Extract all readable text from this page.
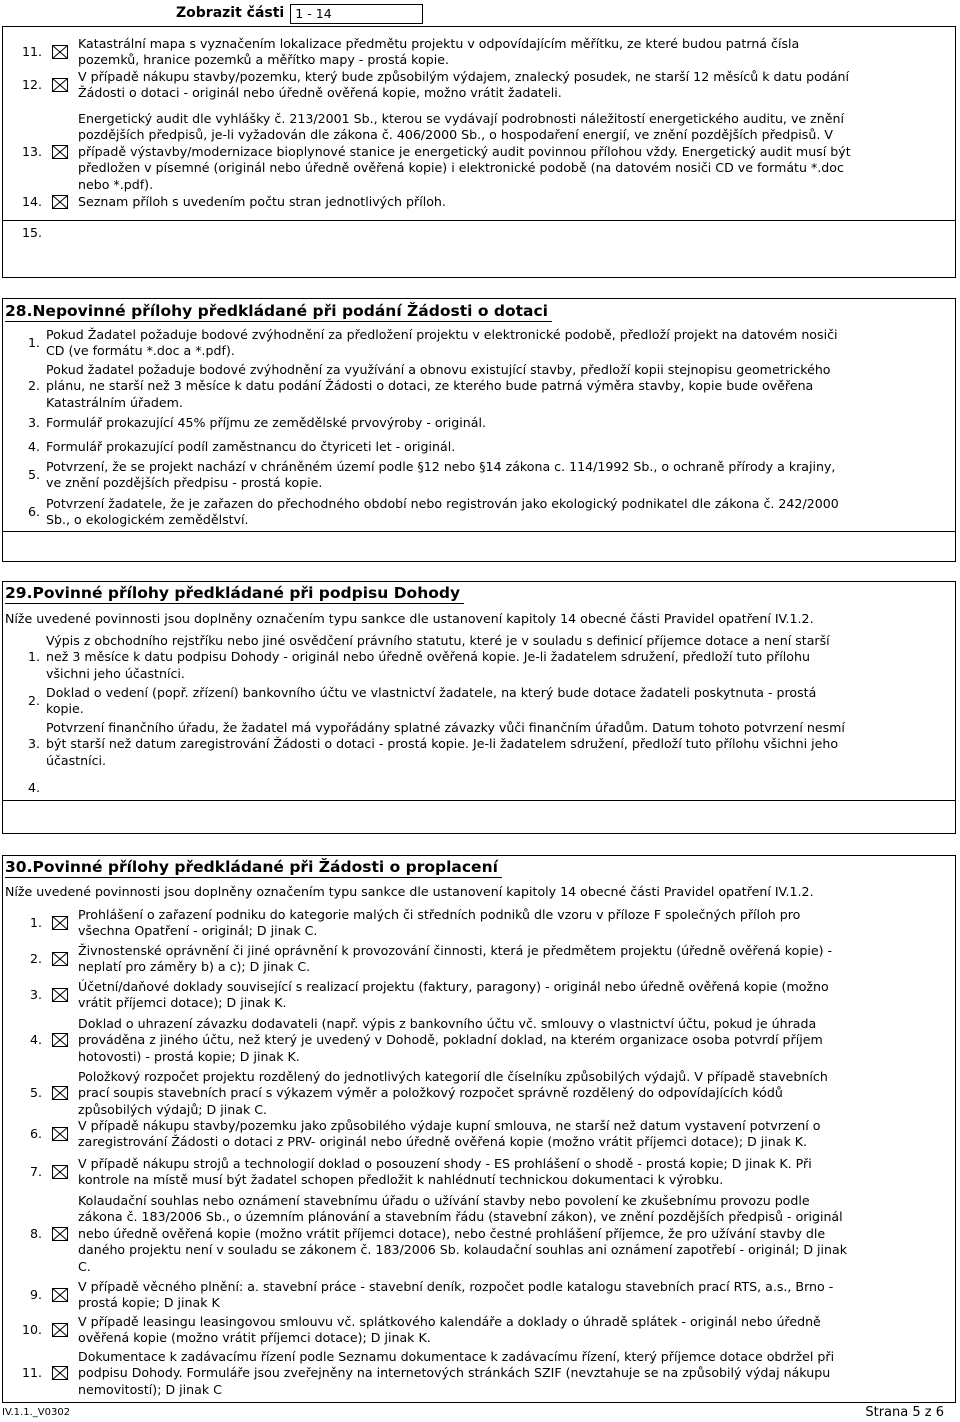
Zobrazit části 1 - 14
11.
Katastrální mapa s vyznačením lokalizace předmětu projektu v odpovídajícím měřítku, ze které budou patrná čísla
pozemků, hranice pozemků a měřítko mapy - prostá kopie.
12.
V případě nákupu stavby/pozemku, který bude způsobilým výdajem, znalecký posudek, ne starší 12 měsíců k datu podání
Žádosti o dotaci - originál nebo úředně ověřená kopie, možno vrátit žadateli.
13.
Energetický audit dle vyhlášky č. 213/2001 Sb., kterou se vydávají podrobnosti náležitostí energetického auditu, ve znění
pozdějších předpisů, je-li vyžadován dle zákona č. 406/2000 Sb., o hospodaření energií, ve znění pozdějších předpisů. V
případě výstavby/modernizace bioplynové stanice je energetický audit povinnou přílohou vždy. Energetický audit musí být
předložen v písemné (originál nebo úředně ověřená kopie) i elektronické podobě (na datovém nosiči CD ve formátu *.doc
nebo *.pdf).
14.	Seznam příloh s uvedením počtu stran jednotlivých příloh.
15.
28.Nepovinné přílohy předkládané při podání Žádosti o dotaci
1.
Pokud Žadatel požaduje bodové zvýhodnění za předložení projektu v elektronické podobě, předloží projekt na datovém nosiči
CD (ve formátu *.doc a *.pdf).
2.
Pokud žadatel požaduje bodové zvýhodnění za využívání a obnovu existující stavby, předloží kopii stejnopisu geometrického
plánu, ne starší než 3 měsíce k datu podání Žádosti o dotaci, ze kterého bude patrná výměra stavby, kopie bude ověřena
Katastrálním úřadem.
3. Formulář prokazující 45% příjmu ze zemědělské prvovýroby - originál.
4. Formulář prokazující podíl zaměstnancu do čtyriceti let - originál.
5.
Potvrzení, že se projekt nachází v chráněném území podle §12 nebo §14 zákona c. 114/1992 Sb., o ochraně přírody a krajiny,
ve znění pozdějších předpisu - prostá kopie.
6.
Potvrzení žadatele, že je zařazen do přechodného období nebo registrován jako ekologický podnikatel dle zákona č. 242/2000
Sb., o ekologickém zemědělství.
29.Povinné přílohy předkládané při podpisu Dohody
Níže uvedené povinnosti jsou doplněny označením typu sankce dle ustanovení kapitoly 14 obecné části Pravidel opatření IV.1.2.
1.
Výpis z obchodního rejstříku nebo jiné osvědčení právního statutu, které je v souladu s definicí příjemce dotace a není starší
než 3 měsíce k datu podpisu Dohody - originál nebo úředně ověřená kopie. Je-li žadatelem sdružení, předloží tuto přílohu
všichni jeho účastníci.
2.
Doklad o vedení (popř. zřízení) bankovního účtu ve vlastnictví žadatele, na který bude dotace žadateli poskytnuta - prostá
kopie.
3.
Potvrzení finančního úřadu, že žadatel má vypořádány splatné závazky vůči finančním úřadům. Datum tohoto potvrzení nesmí
být starší než datum zaregistrování Žádosti o dotaci - prostá kopie. Je-li žadatelem sdružení, předloží tuto přílohu všichni jeho
účastníci.
4.
30.Povinné přílohy předkládané při Žádosti o proplacení
Níže uvedené povinnosti jsou doplněny označením typu sankce dle ustanovení kapitoly 14 obecné části Pravidel opatření IV.1.2.
1.
Prohlášení o zařazení podniku do kategorie malých či středních podniků dle vzoru v příloze F společných příloh pro
všechna Opatření - originál; D jinak C.
2.
Živnostenské oprávnění či jiné oprávnění k provozování činnosti, která je předmětem projektu (úředně ověřená kopie) -
neplatí pro záměry b) a c); D jinak C.
3.
Účetní/daňové doklady související s realizací projektu (faktury, paragony) - originál nebo úředně ověřená kopie (možno
vrátit příjemci dotace); D jinak K.
4.
Doklad o uhrazení závazku dodavateli (např. výpis z bankovního účtu vč. smlouvy o vlastnictví účtu, pokud je úhrada
prováděna z jiného účtu, než který je uvedený v Dohodě, pokladní doklad, na kterém organizace osoba potvrdí příjem
hotovosti) - prostá kopie; D jinak K.
5.
Položkový rozpočet projektu rozdělený do jednotlivých kategorií dle číselníku způsobilých výdajů. V případě stavebních
prací soupis stavebních prací s výkazem výměr a položkový rozpočet správně rozdělený do odpovídajících kódů
způsobilých výdajů; D jinak C.
6.
V případě nákupu stavby/pozemku jako způsobilého výdaje kupní smlouva, ne starší než datum vystavení potvrzení o
zaregistrování Žádosti o dotaci z PRV- originál nebo úředně ověřená kopie (možno vrátit příjemci dotace); D jinak K.
7.
V případě nákupu strojů a technologií doklad o posouzení shody - ES prohlášení o shodě - prostá kopie; D jinak K. Při
kontrole na místě musí být žadatel schopen předložit k nahlédnutí technickou dokumentaci k výrobku.
8.
Kolaudační souhlas nebo oznámení stavebnímu úřadu o užívání stavby nebo povolení ke zkušebnímu provozu podle
zákona č. 183/2006 Sb., o územním plánování a stavebním řádu (stavební zákon), ve znění pozdějších předpisů - originál
nebo úředně ověřená kopie (možno vrátit příjemci dotace), nebo čestné prohlášení příjemce, že pro užívání stavby dle
daného projektu není v souladu se zákonem č. 183/2006 Sb. kolaudační souhlas ani oznámení zapotřebí - originál; D jinak
C.
9.
V případě věcného plnění: a. stavební práce - stavební deník, rozpočet podle katalogu stavebních prací RTS, a.s., Brno -
prostá kopie; D jinak K
10.
V případě leasingu leasingovou smlouvu vč. splátkového kalendáře a doklady o úhradě splátek - originál nebo úředně
ověřená kopie (možno vrátit příjemci dotace); D jinak K.
11.
Dokumentace k zadávacímu řízení podle Seznamu dokumentace k zadávacímu řízení, který příjemce dotace obdržel při
podpisu Dohody. Formuláře jsou zveřejněny na internetových stránkách SZIF (nevztahuje se na způsobilý výdaj nákupu
nemovitostí); D jinak C
IV.1.1._V0302	Strana 5 z 6
